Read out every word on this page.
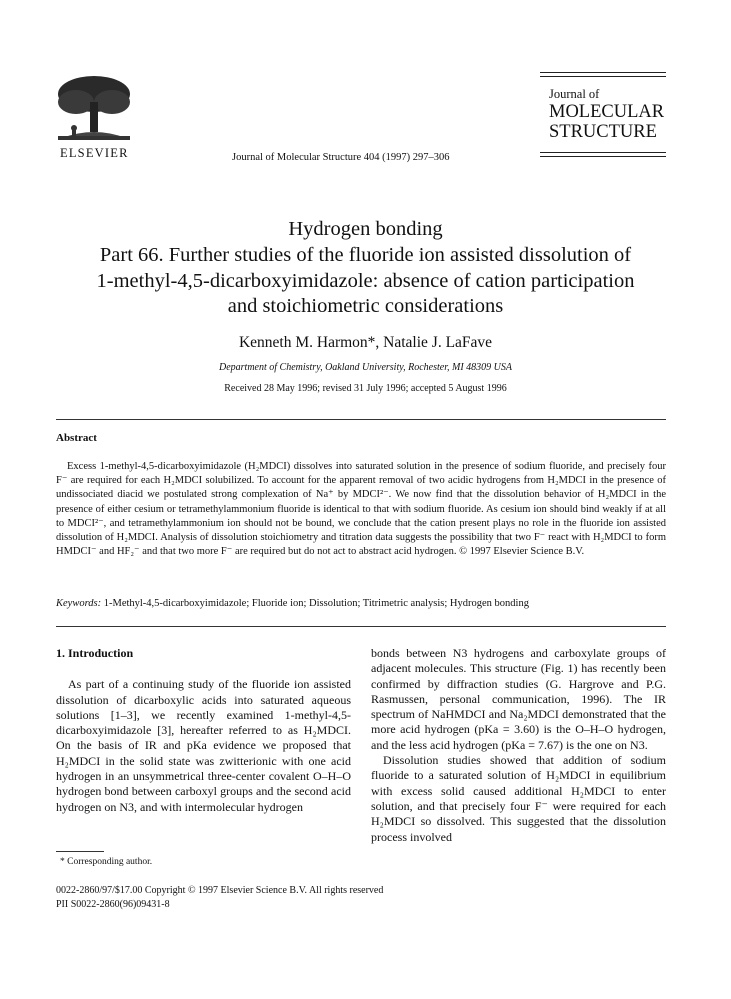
ELSEVIER	Journal of Molecular Structure 404 (1997) 297–306
Journal of
MOLECULAR
STRUCTURE
Hydrogen bonding
Part 66. Further studies of the fluoride ion assisted dissolution of
1-methyl-4,5-dicarboxyimidazole: absence of cation participation
and stoichiometric considerations
Kenneth M. Harmon*, Natalie J. LaFave
Department of Chemistry, Oakland University, Rochester, MI 48309 USA
Received 28 May 1996; revised 31 July 1996; accepted 5 August 1996
Abstract

Excess 1-methyl-4,5-dicarboxyimidazole (H₂MDCI) dissolves into saturated solution in the presence of sodium fluoride, and precisely four F⁻ are required for each H₂MDCI solubilized. To account for the apparent removal of two acidic hydrogens from H₂MDCI in the presence of undissociated diacid we postulated strong complexation of Na⁺ by MDCI²⁻. We now find that the dissolution behavior of H₂MDCI in the presence of either cesium or tetramethylammonium fluoride is identical to that with sodium fluoride. As cesium ion should bind weakly if at all to MDCI²⁻, and tetramethylammonium ion should not be bound, we conclude that the cation present plays no role in the fluoride ion assisted dissolution of H₂MDCI. Analysis of dissolution stoichiometry and titration data suggests the possibility that two F⁻ react with H₂MDCI to form HMDCI⁻ and HF₂⁻ and that two more F⁻ are required but do not act to abstract acid hydrogen. © 1997 Elsevier Science B.V.

Keywords: 1-Methyl-4,5-dicarboxyimidazole; Fluoride ion; Dissolution; Titrimetric analysis; Hydrogen bonding
1. Introduction

As part of a continuing study of the fluoride ion assisted dissolution of dicarboxylic acids into saturated aqueous solutions [1–3], we recently examined 1-methyl-4,5-dicarboxyimidazole [3], hereafter referred to as H₂MDCI. On the basis of IR and pKa evidence we proposed that H₂MDCI in the solid state was zwitterionic with one acid hydrogen in an unsymmetrical three-center covalent O–H–O hydrogen bond between carboxyl groups and the second acid hydrogen on N3, and with intermolecular hydrogen

bonds between N3 hydrogens and carboxylate groups of adjacent molecules. This structure (Fig. 1) has recently been confirmed by diffraction studies (G. Hargrove and P.G. Rasmussen, personal communication, 1996). The IR spectrum of NaHMDCI and Na₂MDCI demonstrated that the more acid hydrogen (pKa = 3.60) is the O–H–O hydrogen, and the less acid hydrogen (pKa = 7.67) is the one on N3.

Dissolution studies showed that addition of sodium fluoride to a saturated solution of H₂MDCI in equilibrium with excess solid caused additional H₂MDCI to enter solution, and that precisely four F⁻ were required for each H₂MDCI so dissolved. This suggested that the dissolution process involved

* Corresponding author.
0022-2860/97/$17.00 Copyright © 1997 Elsevier Science B.V. All rights reserved
PII S0022-2860(96)09431-8
